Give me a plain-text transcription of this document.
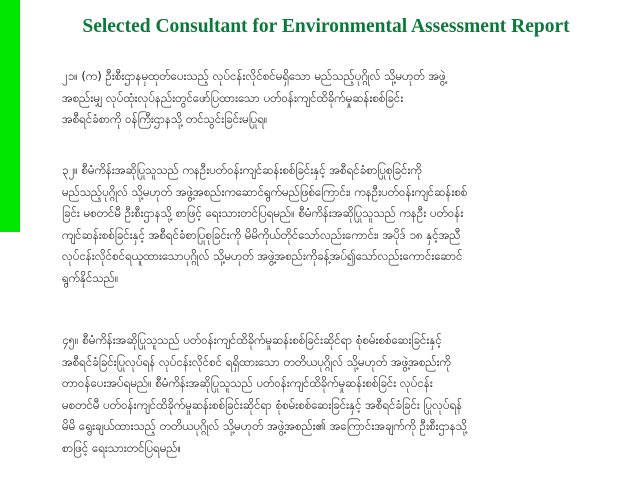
Selected Consultant for Environmental Assessment Report
၂၁။ (က) ဦးစီးဌာနမှထုတ်ပေးသည့် လုပ်ငန်းလိုင်စင်မရှိသော မည်သည့်ပုဂ္ဂိုလ် သို့မဟုတ် အဖွဲ့
အစည်းမျှ လုပ်ထုံးလုပ်နည်းတွင်ဖော်ပြထားသော ပတ်ဝန်းကျင်ထိခိုက်မှုဆန်းစစ်ခြင်း
အစီရင်ခံစာကို ဝန်ကြီးဌာနသို့ တင်သွင်းခြင်းမပြုရ။
၃၂။ စီမံကိန်းအဆိုပြုသူသည် ကနဦးပတ်ဝန်းကျင်ဆန်းစစ်ခြင်းနှင့် အစီရင်ခံစာပြုစုခြင်းကို
မည်သည့်ပုဂ္ဂိုလ် သို့မဟုတ် အဖွဲ့အစည်းကဆောင်ရွက်မည်ဖြစ်ကြောင်း၊ ကနဦးပတ်ဝန်းကျင်ဆန်းစစ်
ခြင်း မစတင်မီ ဦးစီးဌာနသို့ စာဖြင့် ရေးသားတင်ပြရမည်။ စီမံကိန်းအဆိုပြုသူသည် ကနဦး ပတ်ဝန်း
ကျင်ဆန်းစစ်ခြင်းနှင့် အစီရင်ခံစာပြုစုခြင်းကို မိမိကိုယ်တိုင်သော်လည်းကောင်း၊ အပိုဒ် ၁၈ နှင့်အညီ
လုပ်ငန်းလိုင်စင်ရယူထားသောပုဂ္ဂိုလ် သို့မဟုတ် အဖွဲ့အစည်းကိုခန့်အပ်၍သော်လည်းကောင်းဆောင်
ရွက်နိုင်သည်။
၄၅။ စီမံကိန်းအဆိုပြုသူသည် ပတ်ဝန်းကျင်ထိခိုက်မှုဆန်းစစ်ခြင်းဆိုင်ရာ စုံစမ်းစစ်ဆေးခြင်းနှင့်
အစီရင်ခံခြင်းပြုလုပ်ရန် လုပ်ငန်းလိုင်စင် ရရှိထားသော တတိယပုဂ္ဂိုလ် သို့မဟုတ် အဖွဲ့အစည်းကို
တာဝန်ပေးအပ်ရမည်။ စီမံကိန်းအဆိုပြုသူသည် ပတ်ဝန်းကျင်ထိခိုက်မှုဆန်းစစ်ခြင်း လုပ်ငန်း
မစတင်မီ ပတ်ဝန်းကျင်ထိခိုက်မှုဆန်းစစ်ခြင်းဆိုင်ရာ စုံစမ်းစစ်ဆေးခြင်းနှင့် အစီရင်ခံခြင်း ပြုလုပ်ရန်
မိမိ ရွေးချယ်ထားသည့် တတိယပုဂ္ဂိုလ် သို့မဟုတ် အဖွဲ့အစည်း၏ အကြောင်းအချက်ကို ဦးစီးဌာနသို့
စာဖြင့် ရေးသားတင်ပြရမည်။
